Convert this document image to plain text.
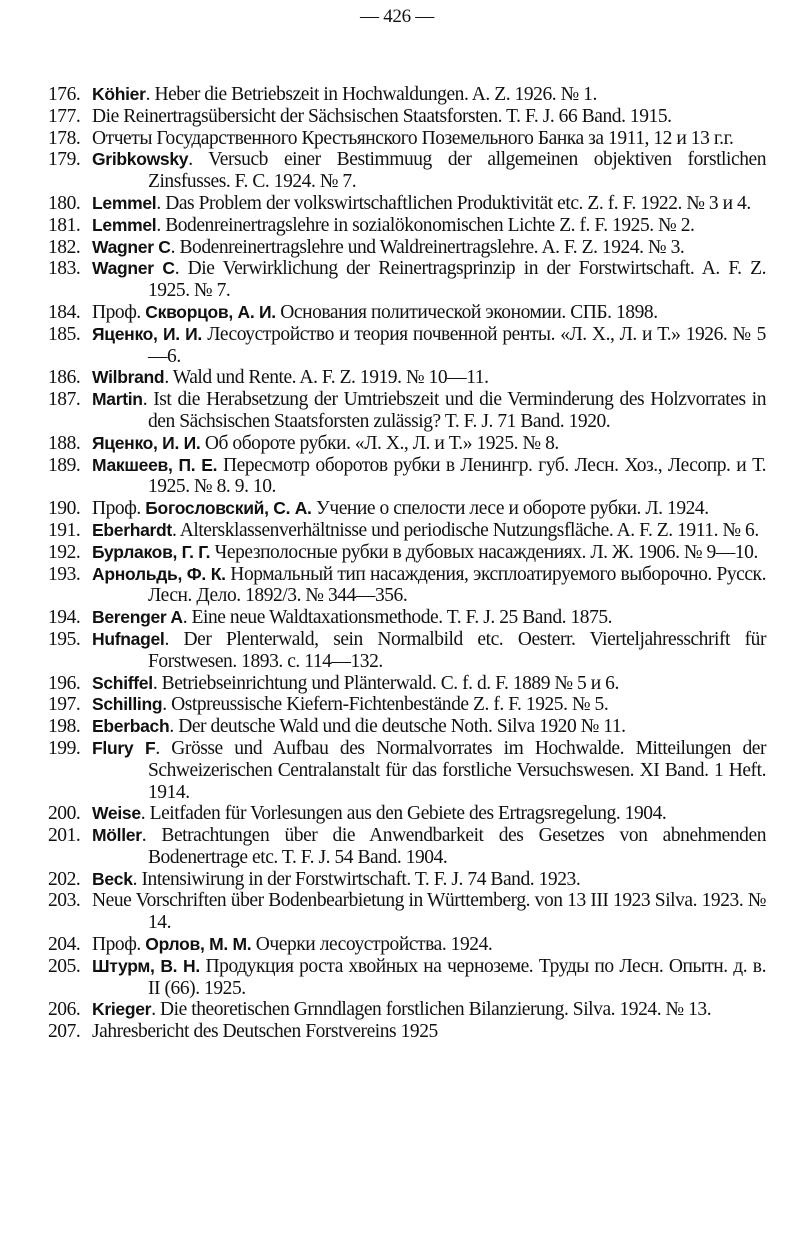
— 426 —
176. Köhier. Heber die Betriebszeit in Hochwaldungen. A. Z. 1926. № 1.
177. Die Reinertragsübersicht der Sächsischen Staatsforsten. T. F. J. 66 Band. 1915.
178. Отчеты Государственного Крестьянского Поземельного Банка за 1911, 12 и 13 г.г.
179. Gribkowsky. Versucb einer Bestimmuug der allgemeinen objektiven forstlichen Zinsfusses. F. C. 1924. № 7.
180. Lemmel. Das Problem der volkswirtschaftlichen Produktivität etc. Z. f. F. 1922. № 3 и 4.
181. Lemmel. Bodenreinertragslehre in sozialökonomischen Lichte Z. f. F. 1925. № 2.
182. Wagner C. Bodenreinertragslehre und Waldreinertragslehre. A. F. Z. 1924. № 3.
183. Wagner C. Die Verwirklichung der Reinertragsprinzip in der Forstwirtschaft. A. F. Z. 1925. № 7.
184. Проф. Скворцов, А. И. Основания политической экономии. СПБ. 1898.
185. Яценко, И. И. Лесоустройство и теория почвенной ренты. «Л. Х., Л. и Т.» 1926. № 5—6.
186. Wilbrand. Wald und Rente. A. F. Z. 1919. № 10—11.
187. Martin. Ist die Herabsetzung der Umtriebszeit und die Verminderung des Holzvorrates in den Sächsischen Staatsforsten zulässig? T. F. J. 71 Band. 1920.
188. Яценко, И. И. Об обороте рубки. «Л. Х., Л. и Т.» 1925. № 8.
189. Макшеев, П. Е. Пересмотр оборотов рубки в Ленингр. губ. Лесн. Хоз., Лесопр. и Т. 1925. № 8. 9. 10.
190. Проф. Богословский, С. А. Учение о спелости лесе и обороте рубки. Л. 1924.
191. Eberhardt. Altersklassenverhältnisse und periodische Nutzungsfläche. A. F. Z. 1911. № 6.
192. Бурлаков, Г. Г. Черезполосные рубки в дубовых насаждениях. Л. Ж. 1906. № 9—10.
193. Арнольдь, Ф. К. Нормальный тип насаждения, эксплоатируемого выборочно. Русск. Лесн. Дело. 1892/3. № 344—356.
194. Berenger A. Eine neue Waldtaxationsmethode. T. F. J. 25 Band. 1875.
195. Hufnagel. Der Plenterwald, sein Normalbild etc. Oesterr. Vierteljahresschrift für Forstwesen. 1893. с. 114—132.
196. Schiffel. Betriebseinrichtung und Plänterwald. C. f. d. F. 1889 № 5 и 6.
197. Schilling. Ostpreussische Kiefern-Fichtenbestände Z. f. F. 1925. № 5.
198. Eberbach. Der deutsche Wald und die deutsche Noth. Silva 1920 № 11.
199. Flury F. Grösse und Aufbau des Normalvorrates im Hochwalde. Mitteilungen der Schweizerischen Centralanstalt für das forstliche Versuchswesen. XI Band. 1 Heft. 1914.
200. Weise. Leitfaden für Vorlesungen aus den Gebiete des Ertragsregelung. 1904.
201. Möller. Betrachtungen über die Anwendbarkeit des Gesetzes von abnehmenden Bodenertrage etc. T. F. J. 54 Band. 1904.
202. Beck. Intensiwirung in der Forstwirtschaft. T. F. J. 74 Band. 1923.
203. Neue Vorschriften über Bodenbearbietung in Württemberg. von 13 III 1923 Silva. 1923. № 14.
204. Проф. Орлов, М. М. Очерки лесоустройства. 1924.
205. Штурм, В. Н. Продукция роста хвойных на черноземе. Труды по Лесн. Опытн. д. в. II (66). 1925.
206. Krieger. Die theoretischen Grnndlagen forstlichen Bilanzierung. Silva. 1924. № 13.
207. Jahresbericht des Deutschen Forstvereins 1925
